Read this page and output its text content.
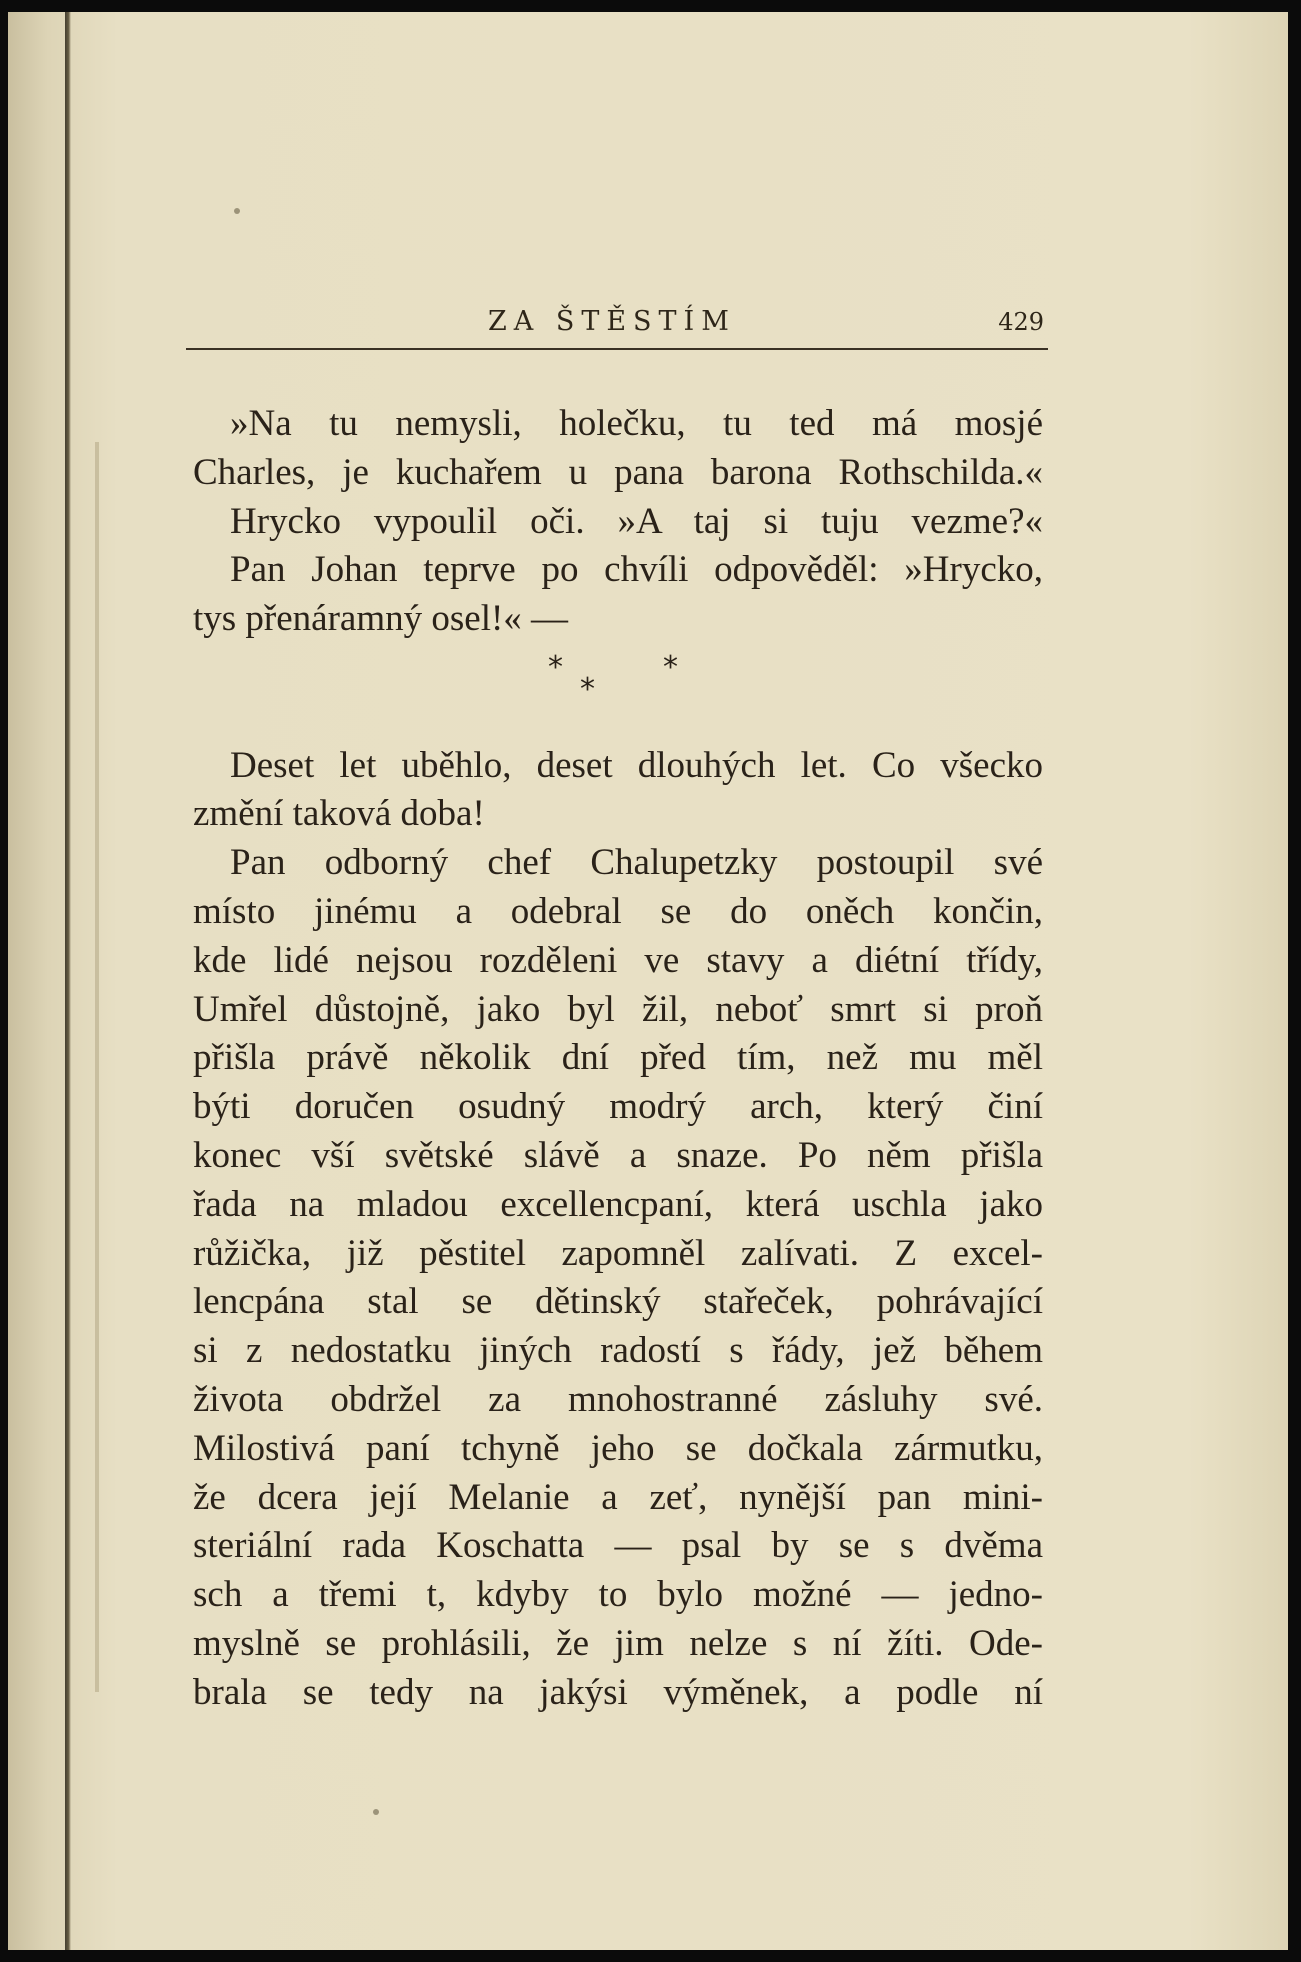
ZA ŠTĚSTÍM	429
»Na tu nemysli, holečku, tu ted má mosjé
Charles, je kuchařem u pana barona Rothschilda.«
Hrycko vypoulil oči. »A taj si tuju vezme?«
Pan Johan teprve po chvíli odpověděl: »Hrycko,
tys přenáramný osel!« —
*
*
*
Deset let uběhlo, deset dlouhých let. Co všecko
změní taková doba!
Pan odborný chef Chalupetzky postoupil své
místo jinému a odebral se do oněch končin,
kde lidé nejsou rozděleni ve stavy a diétní třídy,
Umřel důstojně, jako byl žil, neboť smrt si proň
přišla právě několik dní před tím, než mu měl
býti doručen osudný modrý arch, který činí
konec vší světské slávě a snaze. Po něm přišla
řada na mladou excellencpaní, která uschla jako
růžička, již pěstitel zapomněl zalívati. Z excel-
lencpána stal se dětinský stařeček, pohrávající
si z nedostatku jiných radostí s řády, jež během
života obdržel za mnohostranné zásluhy své.
Milostivá paní tchyně jeho se dočkala zármutku,
že dcera její Melanie a zeť, nynější pan mini-
steriální rada Koschatta — psal by se s dvěma
sch a třemi t, kdyby to bylo možné — jedno-
myslně se prohlásili, že jim nelze s ní žíti. Ode-
brala se tedy na jakýsi výměnek, a podle ní
